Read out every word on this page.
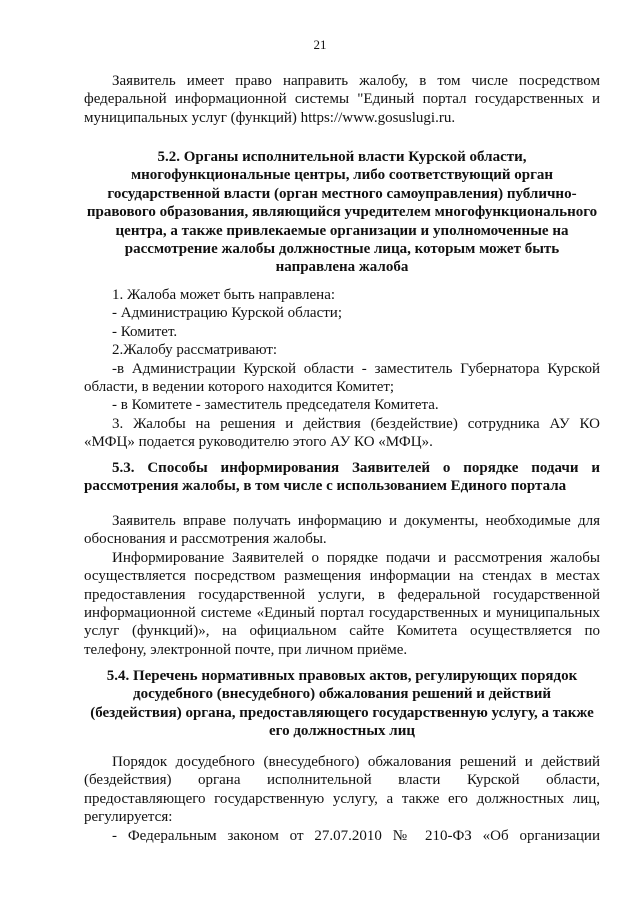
21
Заявитель имеет право направить жалобу, в том числе посредством
федеральной информационной системы "Единый портал государственных и
муниципальных услуг (функций) https://www.gosuslugi.ru.
5.2. Органы исполнительной власти Курской области,
многофункциональные центры, либо соответствующий орган
государственной власти (орган местного самоуправления) публично-
правового образования, являющийся учредителем многофункционального
центра, а также привлекаемые организации и уполномоченные на
рассмотрение жалобы должностные лица, которым может быть
направлена жалоба
1. Жалоба может быть направлена:
- Администрацию Курской области;
- Комитет.
2.Жалобу рассматривают:
-в Администрации Курской области - заместитель Губернатора Курской
области, в ведении которого находится Комитет;
- в Комитете - заместитель председателя Комитета.
3. Жалобы на решения и действия (бездействие) сотрудника АУ КО
«МФЦ» подается руководителю этого АУ КО «МФЦ».
5.3. Способы информирования Заявителей о порядке подачи и
рассмотрения жалобы, в том числе с использованием Единого портала
Заявитель вправе получать информацию и документы, необходимые для
обоснования и рассмотрения жалобы.
Информирование Заявителей о порядке подачи и рассмотрения жалобы
осуществляется посредством размещения информации на стендах в местах
предоставления государственной услуги, в федеральной государственной
информационной системе «Единый портал государственных и муниципальных
услуг (функций)», на официальном сайте Комитета осуществляется по
телефону, электронной почте, при личном приёме.
5.4. Перечень нормативных правовых актов, регулирующих порядок
досудебного (внесудебного) обжалования решений и действий
(бездействия) органа, предоставляющего государственную услугу, а также
его должностных лиц
Порядок досудебного (внесудебного) обжалования решений и действий
(бездействия) органа исполнительной власти Курской области,
предоставляющего государственную услугу, а также его должностных лиц,
регулируется:
- Федеральным законом от 27.07.2010 № 210-ФЗ «Об организации
